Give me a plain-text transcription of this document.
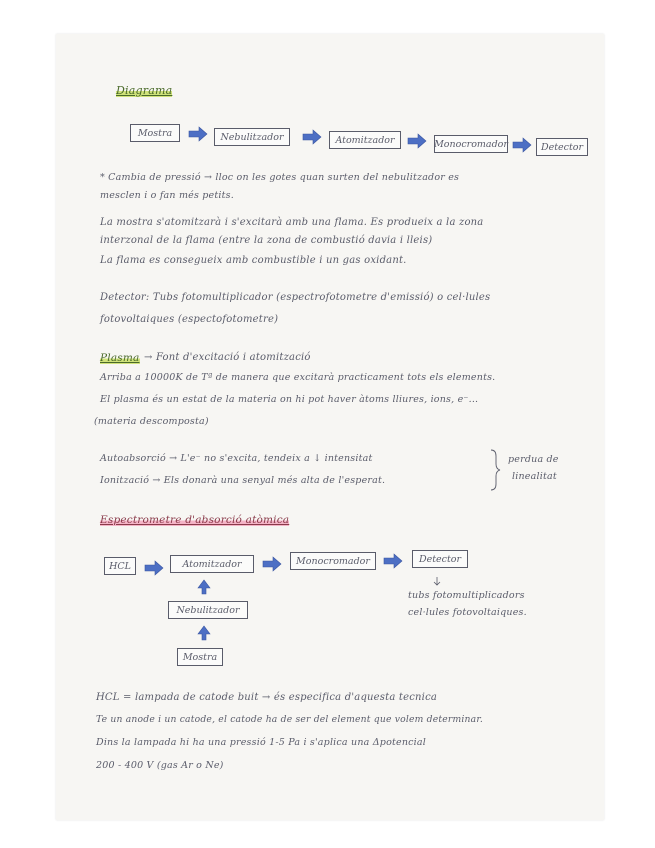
Diagrama
Mostra	Nebulitzador	Atomitzador	Monocromador	Detector
* Cambia de pressió → lloc on les gotes quan surten del nebulitzador es
mesclen i o fan més petits.
La mostra s'atomitzarà i s'excitarà amb una flama. Es produeix a la zona
interzonal de la flama (entre la zona de combustió davia i lleis)
La flama es consegueix amb combustible i un gas oxidant.
Detector: Tubs fotomultiplicador (espectrofotometre d'emissió) o cel·lules
fotovoltaiques (espectofotometre)
Plasma → Font d'excitació i atomització
Arriba a 10000K de Tª de manera que excitarà practicament tots els elements.
El plasma és un estat de la materia on hi pot haver àtoms lliures, ions, e⁻...
(materia descomposta)
Autoabsorció → L'e⁻ no s'excita, tendeix a ↓ intensitat
Ionització → Els donarà una senyal més alta de l'esperat.
perdua de
linealitat
Espectrometre d'absorció atòmica
HCL	Atomitzador	Monocromador	Detector
Nebulitzador
Mostra
tubs fotomultiplicadors
cel·lules fotovoltaiques.
HCL = lampada de catode buit → és especifica d'aquesta tecnica
Te un anode i un catode, el catode ha de ser del element que volem determinar.
Dins la lampada hi ha una pressió 1-5 Pa i s'aplica una Δpotencial
200 - 400 V (gas Ar o Ne)
